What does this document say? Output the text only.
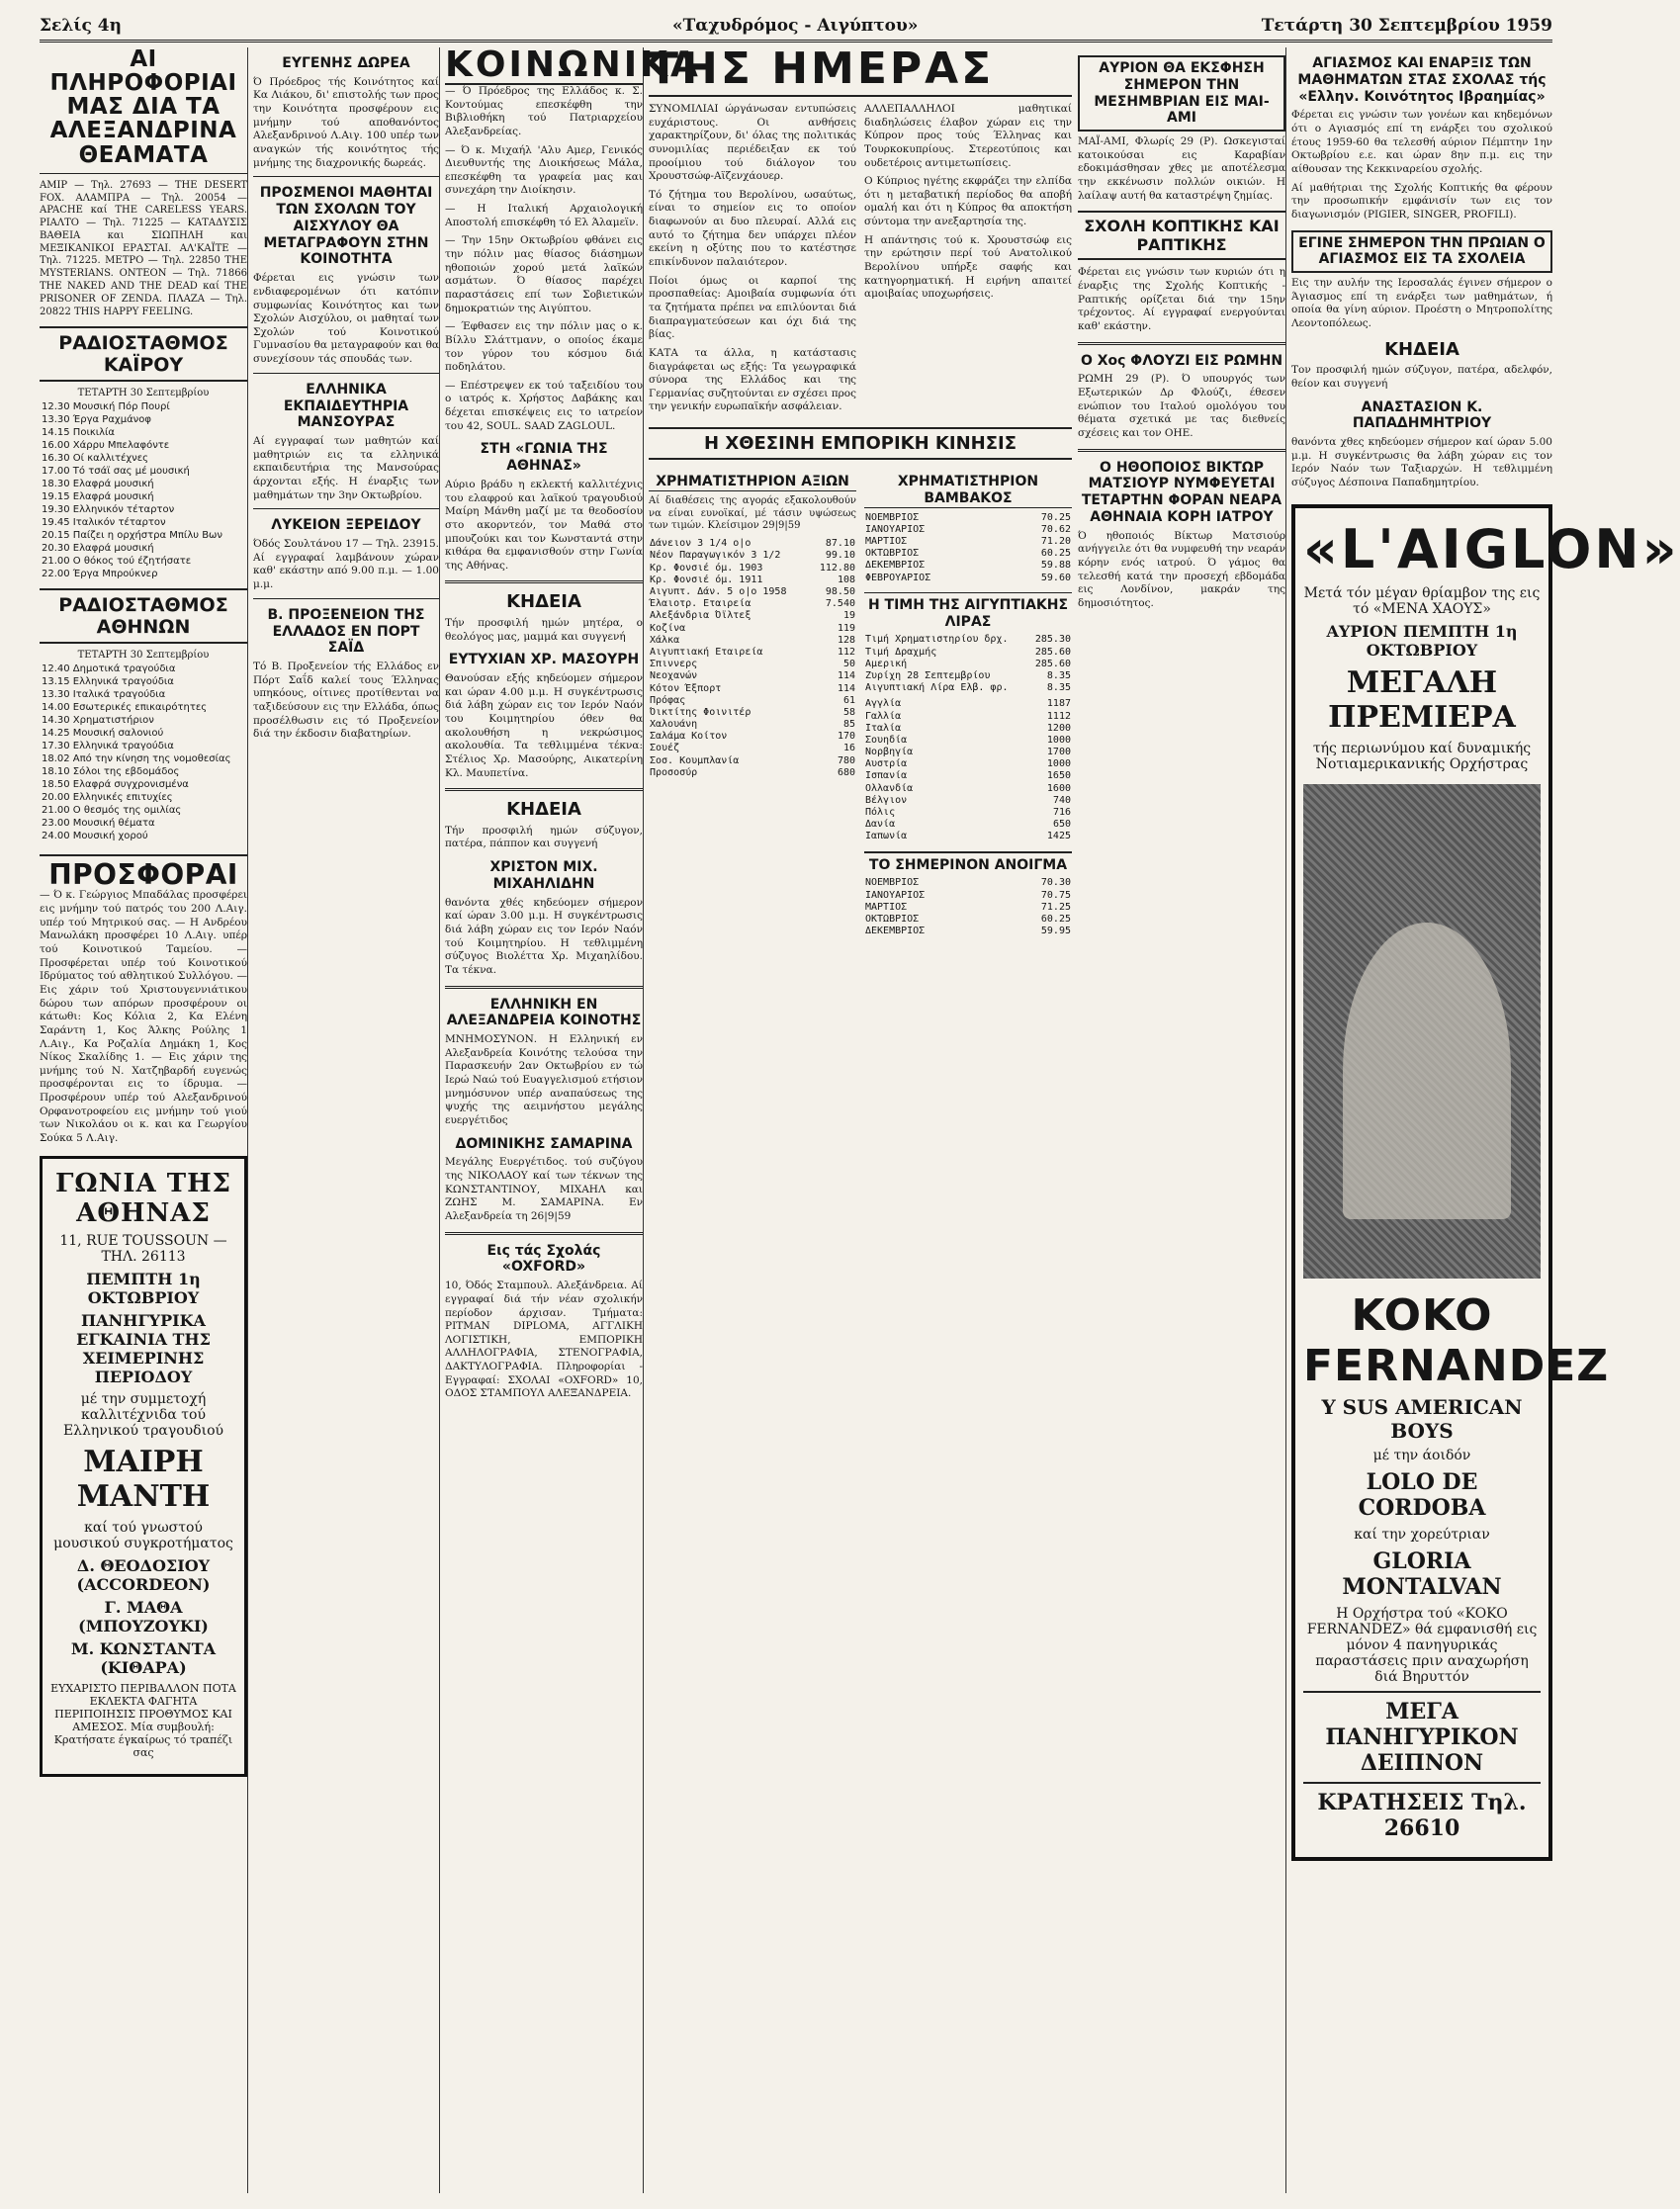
Σελίς 4η	«Ταχυδρόμος - Αιγύπτου»	Τετάρτη 30 Σεπτεμβρίου 1959
ΑΙ ΠΛΗΡΟΦΟΡΙΑΙ ΜΑΣ ΔΙΑ ΤΑ ΑΛΕΞΑΝΔΡΙΝΑ ΘΕΑΜΑΤΑ

ΑΜΙΡ — Τηλ. 27693 — THE DESERT FOX. ΑΛΑΜΠΡΑ — Τηλ. 20054 — APACHE καί THE CARELESS YEARS. ΡΙΑΛΤΟ — Τηλ. 71225 — ΚΑΤΑΔΥΣΙΣ ΒΑΘΕΙΑ και ΣΙΩΠΗΛΗ και ΜΕΞΙΚΑΝΙΚΟΙ ΕΡΑΣΤΑΙ. ΑΛ'ΚΑΪΤΕ — Τηλ. 71225. ΜΕΤΡΟ — Τηλ. 22850 THE MYSTERIANS. ΟΝΤΕΟΝ — Τηλ. 71866 THE NAKED AND THE DEAD καί THE PRISONER OF ZENDA. ΠΛΑΖΑ — Τηλ. 20822 THIS HAPPY FEELING.

ΡΑΔΙΟΣΤΑΘΜΟΣ ΚΑΪΡΟΥ
ΤΕΤΑΡΤΗ 30 Σεπτεμβρίου
12.30 Μουσική Πόρ Πουρί
13.30 Έργα Ραχμάνοφ
14.15 Ποικιλία
16.00 Χάρρυ Μπελαφόντε
16.30 Οί καλλιτέχνες
17.00 Τό τσάϊ σας μέ μουσική
18.30 Ελαφρά μουσική
19.15 Ελαφρά μουσική
19.30 Ελληνικόν τέταρτον
19.45 Ιταλικόν τέταρτον
20.15 Παίζει η ορχήστρα Μπίλυ Βων
20.30 Ελαφρά μουσική
21.00 Ο θόκος τού έζητήσατε
22.00 Έργα Μπρούκνερ
ΡΑΔΙΟΣΤΑΘΜΟΣ ΑΘΗΝΩΝ
ΤΕΤΑΡΤΗ 30 Σεπτεμβρίου
12.40 Δημοτικά τραγούδια
13.15 Ελληνικά τραγούδια
13.30 Ιταλικά τραγούδια
14.00 Εσωτερικές επικαιρότητες
14.30 Χρηματιστήριον
14.25 Μουσική σαλονιού
17.30 Ελληνικά τραγούδια
18.02 Από την κίνηση της νομοθεσίας
18.10 Σόλοι της εβδομάδος
18.50 Ελαφρά συγχρονισμένα
20.00 Ελληνικές επιτυχίες
21.00 Ο θεσμός της ομιλίας
23.00 Μουσική θέματα
24.00 Μουσική χορού
ΠΡΟΣΦΟΡΑΙ

— Ό κ. Γεώργιος Μπαδάλας προσφέρει εις μνήμην τού πατρός του 200 Λ.Αιγ. υπέρ τού Μητρικού σας. — Η Ανδρέου Μανωλάκη προσφέρει 10 Λ.Αιγ. υπέρ τού Κοινοτικού Ταμείου. — Προσφέρεται υπέρ τού Κοινοτικού Ιδρύματος τού αθλητικού Συλλόγου. — Εις χάριν τού Χριστουγεννιάτικου δώρου των απόρων προσφέρουν οι κάτωθι: Κος Κόλια 2, Κα Ελένη Σαράντη 1, Κος Άλκης Ρούλης 1 Λ.Αιγ., Κα Ροζαλία Δημάκη 1, Κος Νίκος Σκαλίδης 1. — Εις χάριν της μνήμης τού Ν. Χατζηβαρδή ευγενώς προσφέρονται εις το ίδρυμα. — Προσφέρουν υπέρ τού Αλεξανδρινού Ορφανοτροφείου εις μνήμην τού γιού των Νικολάου οι κ. και κα Γεωργίου Σούκα 5 Λ.Αιγ.

ΓΩΝΙΑ ΤΗΣ ΑΘΗΝΑΣ
11, RUE TOUSSOUN — ΤΗΛ. 26113
ΠΕΜΠΤΗ 1η ΟΚΤΩΒΡΙΟΥ
ΠΑΝΗΓΥΡΙΚΑ ΕΓΚΑΙΝΙΑ ΤΗΣ ΧΕΙΜΕΡΙΝΗΣ ΠΕΡΙΟΔΟΥ
μέ την συμμετοχή καλλιτέχνιδα τού Ελληνικού τραγουδιού
ΜΑΙΡΗ ΜΑΝΤΗ
καί τού γνωστού μουσικού συγκροτήματος
Δ. ΘΕΟΔΟΣΙΟΥ (ACCORDEON)
Γ. ΜΑΘΑ (ΜΠΟΥΖΟΥΚΙ)
Μ. ΚΩΝΣΤΑΝΤΑ (ΚΙΘΑΡΑ)
ΕΥΧΑΡΙΣΤΟ ΠΕΡΙΒΑΛΛΟΝ ΠΟΤΑ ΕΚΛΕΚΤΑ ΦΑΓΗΤΑ ΠΕΡΙΠΟΙΗΣΙΣ ΠΡΟΘΥΜΟΣ ΚΑΙ ΑΜΕΣΟΣ. Μία συμβουλή: Κρατήσατε έγκαίρως τό τραπέζι σας
ΕΥΓΕΝΗΣ ΔΩΡΕΑ

Ό Πρόεδρος τής Κοινότητος καί Κα Λιάκου, δι' επιστολής των προς την Κοινότητα προσφέρουν εις μνήμην τού αποθανόντος Αλεξανδρινού Λ.Αιγ. 100 υπέρ των αναγκών τής κοινότητος τής μνήμης της διαχρονικής δωρεάς.

ΠΡΟΣΜΕΝΟΙ ΜΑΘΗΤΑΙ ΤΩΝ ΣΧΟΛΩΝ ΤΟΥ ΑΙΣΧΥΛΟΥ ΘΑ ΜΕΤΑΓΡΑΦΟΥΝ ΣΤΗΝ ΚΟΙΝΟΤΗΤΑ

Φέρεται εις γνώσιν των ενδιαφερομένων ότι κατόπιν συμφωνίας Κοινότητος και των Σχολών Αισχύλου, οι μαθηταί των Σχολών τού Κοινοτικού Γυμνασίου θα μεταγραφούν και θα συνεχίσουν τάς σπουδάς των.

ΕΛΛΗΝΙΚΑ ΕΚΠΑΙΔΕΥΤΗΡΙΑ ΜΑΝΣΟΥΡΑΣ

Αί εγγραφαί των μαθητών καί μαθητριών εις τα ελληνικά εκπαιδευτήρια της Μανσούρας άρχονται εξής. Η έναρξις των μαθημάτων την 3ην Οκτωβρίου.

ΛΥΚΕΙΟΝ ΞΕΡΕΙΔΟΥ

Όδός Σουλτάνου 17 — Τηλ. 23915. Αί εγγραφαί λαμβάνουν χώραν καθ' εκάστην από 9.00 π.μ. — 1.00 μ.μ.

Β. ΠΡΟΞΕΝΕΙΟΝ ΤΗΣ ΕΛΛΑΔΟΣ ΕΝ ΠΟΡΤ ΣΑΪΔ

Τό Β. Προξενείον τής Ελλάδος εν Πόρτ Σαΐδ καλεί τους Έλληνας υπηκόους, οίτινες προτίθενται να ταξιδεύσουν εις την Ελλάδα, όπως προσέλθωσιν εις τό Προξενείον διά την έκδοσιν διαβατηρίων.

ΚΟΙΝΩΝΙΚΑ

— Ό Πρόεδρος της Ελλάδος κ. Σ. Κοντούμας επεσκέφθη την Βιβλιοθήκη τού Πατριαρχείου Αλεξανδρείας.

— Ό κ. Μιχαήλ 'Αλυ Αμερ, Γενικός Διευθυντής της Διοικήσεως Μάλα, επεσκέφθη τα γραφεία μας και συνεχάρη την Διοίκησιν.

— Η Ιταλική Αρχαιολογική Αποστολή επισκέφθη τό Ελ Άλαμεϊν.

— Την 15ην Οκτωβρίου φθάνει εις την πόλιν μας θίασος διάσημων ηθοποιών χορού μετά λαϊκών ασμάτων. Ό θίασος παρέχει παραστάσεις επί των Σοβιετικών δημοκρατιών της Αιγύπτου.

— Έφθασεν εις την πόλιν μας ο κ. Βίλλυ Σλάττμανν, ο οποίος έκαμε τον γύρον του κόσμου διά ποδηλάτου.

— Επέστρεψεν εκ τού ταξειδίου του ο ιατρός κ. Χρήστος Δαβάκης και δέχεται επισκέψεις εις το ιατρείον του 42, SOUL. SAAD ZAGLOUL.

ΣΤΗ «ΓΩΝΙΑ ΤΗΣ ΑΘΗΝΑΣ»

Αύριο βράδυ η εκλεκτή καλλιτέχνις του ελαφρού και λαϊκού τραγουδιού Μαίρη Μάνθη μαζί με τα θεοδοσίου στο ακορντεόν, τον Μαθά στο μπουζούκι και τον Κωνσταντά στην κιθάρα θα εμφανισθούν στην Γωνία της Αθήνας.

ΚΗΔΕΙΑ

Τήν προσφιλή ημών μητέρα, ο θεολόγος μας, μαμμά και συγγενή

ΕΥΤΥΧΙΑΝ ΧΡ. ΜΑΣΟΥΡΗ

Θανούσαν εξής κηδεύομεν σήμερον και ώραν 4.00 μ.μ. Η συγκέντρωσις διά λάβη χώραν εις τον Ιερόν Ναόν του Κοιμητηρίου όθεν θα ακολουθήση η νεκρώσιμος ακολουθία. Τα τεθλιμμένα τέκνα: Στέλιος Χρ. Μασούρης, Αικατερίνη Κλ. Μαυπετίνα.

ΚΗΔΕΙΑ

Τήν προσφιλή ημών σύζυγον, πατέρα, πάππον και συγγενή

ΧΡΙΣΤΟΝ ΜΙΧ. ΜΙΧΑΗΛΙΔΗΝ

θανόντα χθές κηδεύομεν σήμερον καί ώραν 3.00 μ.μ. Η συγκέντρωσις διά λάβη χώραν εις τον Ιερόν Ναόν τού Κοιμητηρίου. Η τεθλιμμένη σύζυγος Βιολέττα Χρ. Μιχαηλίδου. Τα τέκνα.

ΕΛΛΗΝΙΚΗ ΕΝ ΑΛΕΞΑΝΔΡΕΙΑ ΚΟΙΝΟΤΗΣ

ΜΝΗΜΟΣΥΝΟΝ. Η Ελληνική εν Αλεξανδρεία Κοινότης τελούσα την Παρασκευήν 2αν Οκτωβρίου εν τώ Ιερώ Ναώ τού Ευαγγελισμού ετήσιον μνημόσυνον υπέρ αναπαύσεως της ψυχής της αειμνήστου μεγάλης ευεργέτιδος

ΔΟΜΙΝΙΚΗΣ ΣΑΜΑΡΙΝΑ

Μεγάλης Ευεργέτιδος. τού συζύγου της ΝΙΚΟΛΑΟΥ καί των τέκνων της ΚΩΝΣΤΑΝΤΙΝΟΥ, ΜΙΧΑΗΛ και ΖΩΗΣ Μ. ΣΑΜΑΡΙΝΑ. Εν Αλεξανδρεία τη 26|9|59

Εις τάς Σχολάς «OXFORD»

10, Όδός Σταμπουλ. Αλεξάνδρεια. Αί εγγραφαί διά τήν νέαν σχολικήν περίοδον άρχισαν. Τμήματα: ΡΙΤΜΑΝ DIPLOMA, ΑΓΓΛΙΚΗ ΛΟΓΙΣΤΙΚΗ, ΕΜΠΟΡΙΚΗ ΑΛΛΗΛΟΓΡΑΦΙΑ, ΣΤΕΝΟΓΡΑΦΙΑ, ΔΑΚΤΥΛΟΓΡΑΦΙΑ. Πληροφορίαι - Εγγραφαί: ΣΧΟΛΑΙ «OXFORD» 10, ΟΔΟΣ ΣΤΑΜΠΟΥΛ ΑΛΕΞΑΝΔΡΕΙΑ.

ΤΗΣ ΗΜΕΡΑΣ

ΣΥΝΟΜΙΛΙΑΙ ώργάνωσαν εντυπώσεις ευχάριστους. Οι ανθήσεις χαρακτηρίζουν, δι' όλας της πολιτικάς συνομιλίας περιέδειξαν εκ τού προοίμιου τού διάλογον του Χρουστσώφ-Αϊζενχάουερ.

Τό ζήτημα του Βερολίνου, ωσαύτως, είναι το σημείον εις το οποίον διαφωνούν αι δυο πλευραί. Αλλά εις αυτό το ζήτημα δεν υπάρχει πλέον εκείνη η οξύτης που το κατέστησε επικίνδυνον παλαιότερον.

Ποίοι όμως οι καρποί της προσπαθείας: Αμοιβαία συμφωνία ότι τα ζητήματα πρέπει να επιλύονται διά διαπραγματεύσεων και όχι διά της βίας.

ΚΑΤΑ τα άλλα, η κατάστασις διαγράφεται ως εξής: Τα γεωγραφικά σύνορα της Ελλάδος και της Γερμανίας συζητούνται εν σχέσει προς την γενικήν ευρωπαϊκήν ασφάλειαν.

ΑΛΛΕΠΑΛΛΗΛΟΙ μαθητικαί διαδηλώσεις έλαβον χώραν εις την Κύπρον προς τούς Έλληνας και Τουρκοκυπρίους. Στερεοτύποις και ουδετέροις αντιμετωπίσεις.

Ο Κύπριος ηγέτης εκφράζει την ελπίδα ότι η μεταβατική περίοδος θα αποβή ομαλή και ότι η Κύπρος θα αποκτήση σύντομα την ανεξαρτησία της.

Η απάντησις τού κ. Χρουστσώφ εις την ερώτησιν περί τού Ανατολικού Βερολίνου υπήρξε σαφής και κατηγορηματική. Η ειρήνη απαιτεί αμοιβαίας υποχωρήσεις.

Η ΧΘΕΣΙΝΗ ΕΜΠΟΡΙΚΗ ΚΙΝΗΣΙΣ
ΧΡΗΜΑΤΙΣΤΗΡΙΟΝ ΑΞΙΩΝ

Αί διαθέσεις της αγοράς εξακολουθούν να είναι ευνοϊκαί, μέ τάσιν υψώσεως των τιμών. Κλείσιμον 29|9|59

Δάνειον 3 1/4 ο|ο	87.10
Νέον Παραγωγικόν 3 1/2	99.10
Κρ. Φονσιέ όμ. 1903	112.80
Κρ. Φονσιέ όμ. 1911	108
Αιγυπτ. Δάν. 5 ο|ο 1958	98.50
Έλαιοτρ. Εταιρεία	7.540
Αλεξάνδρια Όϊλτεξ	19
Κοζίνα	119
Χάλκα	128
Αιγυπτιακή Εταιρεία	112
Σπιννερς	50
Νεοχανών	114
Κότον Έξπορτ	114
Πρόφας	61
Όικτίτης Φοινιτέρ	58
Χαλουάνη	85
Σαλάμα Κοίτον	170
Σουέζ	16
Σοσ. Κουμπλανία	780
Προσοσύρ	680
ΧΡΗΜΑΤΙΣΤΗΡΙΟΝ ΒΑΜΒΑΚΟΣ
ΝΟΕΜΒΡΙΟΣ	70.25
ΙΑΝΟΥΑΡΙΟΣ	70.62
ΜΑΡΤΙΟΣ	71.20
ΟΚΤΩΒΡΙΟΣ	60.25
ΔΕΚΕΜΒΡΙΟΣ	59.88
ΦΕΒΡΟΥΑΡΙΟΣ	59.60
Η ΤΙΜΗ ΤΗΣ ΑΙΓΥΠΤΙΑΚΗΣ ΛΙΡΑΣ
Τιμή Χρηματιστηρίου δρχ.	285.30
Τιμή Δραχμής	285.60
Αμερική	285.60
Ζυρίχη 28 Σεπτεμβρίου	8.35
Αιγυπτιακή Λίρα Ελβ. φρ.	8.35
Αγγλία	1187
Γαλλία	1112
Ιταλία	1200
Σουηδία	1000
Νορβηγία	1700
Αυστρία	1000
Ισπανία	1650
Ολλανδία	1600
Βέλγιον	740
Πόλις	716
Δανία	650
Ιαπωνία	1425
ΤΟ ΣΗΜΕΡΙΝΟΝ ΑΝΟΙΓΜΑ
ΝΟΕΜΒΡΙΟΣ	70.30
ΙΑΝΟΥΑΡΙΟΣ	70.75
ΜΑΡΤΙΟΣ	71.25
ΟΚΤΩΒΡΙΟΣ	60.25
ΔΕΚΕΜΒΡΙΟΣ	59.95
ΑΥΡΙΟΝ ΘΑ ΕΚΣΦΗΣΗ ΣΗΜΕΡΟΝ ΤΗΝ ΜΕΣΗΜΒΡΙΑΝ ΕΙΣ ΜΑΙ-ΑΜΙ

ΜΑΪ-ΑΜΙ, Φλωρίς 29 (Ρ). Ωσκεγισταί κατοικούσαι εις Καραβίαν εδοκιμάσθησαν χθες με αποτέλεσμα την εκκένωσιν πολλών οικιών. Η λαίλαψ αυτή θα καταστρέψη ζημίας.

ΣΧΟΛΗ ΚΟΠΤΙΚΗΣ ΚΑΙ ΡΑΠΤΙΚΗΣ

Φέρεται εις γνώσιν των κυριών ότι η έναρξις της Σχολής Κοπτικής - Ραπτικής ορίζεται διά την 15ην τρέχοντος. Αί εγγραφαί ενεργούνται καθ' εκάστην.

Ο Χος ΦΛΟΥΖΙ ΕΙΣ ΡΩΜΗΝ

ΡΩΜΗ 29 (Ρ). Ό υπουργός των Εξωτερικών Δρ Φλούζι, έθεσεν ενώπιον του Ιταλού ομολόγου του θέματα σχετικά με τας διεθνείς σχέσεις και τον ΟΗΕ.

Ο ΗΘΟΠΟΙΟΣ ΒΙΚΤΩΡ ΜΑΤΣΙΟΥΡ ΝΥΜΦΕΥΕΤΑΙ ΤΕΤΑΡΤΗΝ ΦΟΡΑΝ ΝΕΑΡΑ ΑΘΗΝΑΙΑ ΚΟΡΗ ΙΑΤΡΟΥ

Ό ηθοποιός Βίκτωρ Ματσιούρ ανήγγειλε ότι θα νυμφευθή την νεαράν κόρην ενός ιατρού. Ό γάμος θα τελεσθή κατά την προσεχή εβδομάδα εις Λονδίνον, μακράν της δημοσιότητος.

ΑΓΙΑΣΜΟΣ ΚΑΙ ΕΝΑΡΞΙΣ ΤΩΝ ΜΑΘΗΜΑΤΩΝ ΣΤΑΣ ΣΧΟΛΑΣ τής «Ελλην. Κοινότητος Ιβραημίας»

Φέρεται εις γνώσιν των γονέων και κηδεμόνων ότι ο Αγιασμός επί τη ενάρξει του σχολικού έτους 1959-60 θα τελεσθή αύριον Πέμπτην 1ην Οκτωβρίου ε.ε. και ώραν 8ην π.μ. εις την αίθουσαν της Κεκκιναρείου σχολής.

Αί μαθήτριαι της Σχολής Κοπτικής θα φέρουν την προσωπικήν εμφάνισίν των εις τον διαγωνισμόν (PIGIER, SINGER, PROFILI).

ΕΓΙΝΕ ΣΗΜΕΡΟΝ ΤΗΝ ΠΡΩΙΑΝ Ο ΑΓΙΑΣΜΟΣ ΕΙΣ ΤΑ ΣΧΟΛΕΙΑ

Εις την αυλήν της Ιεροσαλάς έγινεν σήμερον ο Άγιασμος επί τη ενάρξει των μαθημάτων, ή οποία θα γίνη αύριον. Προέστη ο Μητροπολίτης Λεοντοπόλεως.

ΚΗΔΕΙΑ

Τον προσφιλή ημών σύζυγον, πατέρα, αδελφόν, θείον και συγγενή

ΑΝΑΣΤΑΣΙΟΝ Κ. ΠΑΠΑΔΗΜΗΤΡΙΟΥ

θανόντα χθες κηδεύομεν σήμερον καί ώραν 5.00 μ.μ. Η συγκέντρωσις θα λάβη χώραν εις τον Ιερόν Ναόν των Ταξιαρχών. Η τεθλιμμένη σύζυγος Δέσποινα Παπαδημητρίου.

«L'AIGLON»
Μετά τόν μέγαν θρίαμβον της εις τό «ΜΕΝΑ ΧΑΟΥΣ»
ΑΥΡΙΟΝ ΠΕΜΠΤΗ 1η ΟΚΤΩΒΡΙΟΥ
ΜΕΓΑΛΗ ΠΡΕΜΙΕΡΑ
τής περιωνύμου καί δυναμικής Νοτιαμερικανικής Ορχήστρας
KOKO FERNANDEZ
Y SUS AMERICAN BOYS
μέ την άοιδόν
LOLO DE CORDOBA
καί την χορεύτριαν
GLORIA MONTALVAN
Η Ορχήστρα τού «KOKO FERNANDEZ» θά εμφανισθή εις μόνον 4 πανηγυρικάς παραστάσεις πριν αναχωρήση διά Βηρυττόν
ΜΕΓΑ ΠΑΝΗΓΥΡΙΚΟΝ ΔΕΙΠΝΟΝ
ΚΡΑΤΗΣΕΙΣ Τηλ. 26610
